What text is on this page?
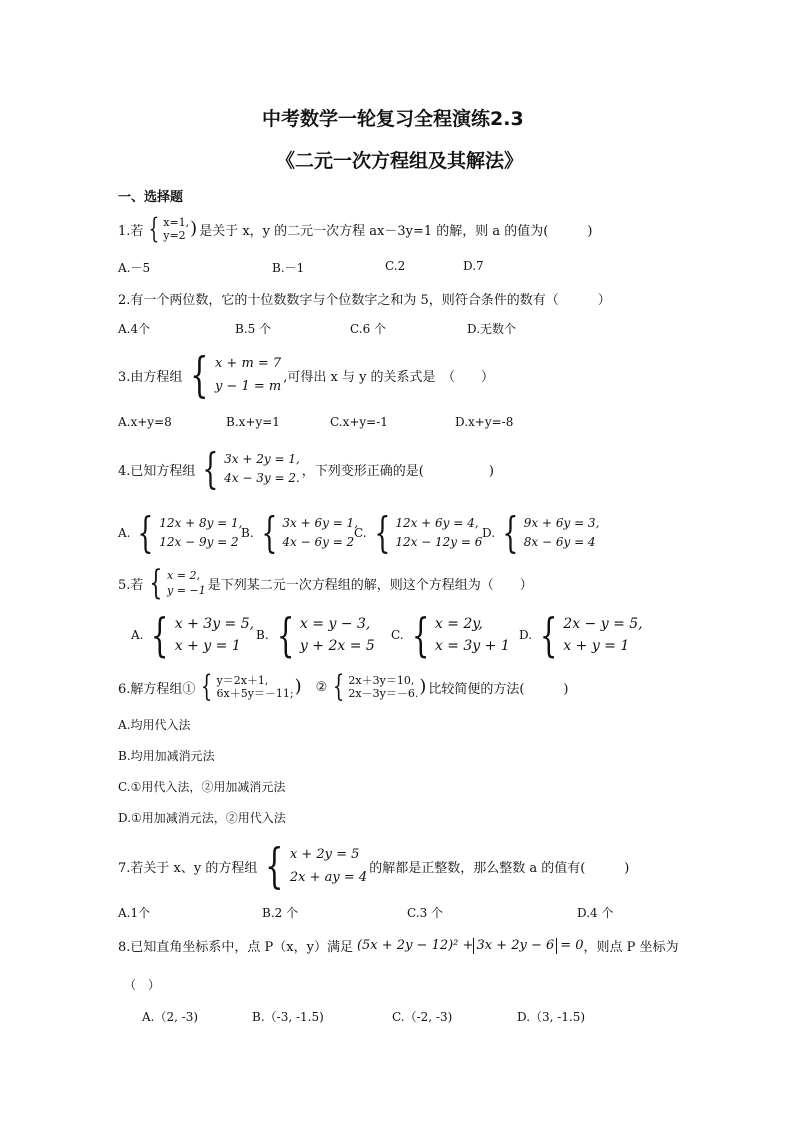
中考数学一轮复习全程演练2.3
《二元一次方程组及其解法》
一、选择题
1.若 { x=1,
y=2 ) 是关于 x，y 的二元一次方程 ax－3y=1 的解，则 a 的值为(　　　)
A.－5	B.－1	C.2	D.7
2.有一个两位数，它的十位数数字与个位数字之和为 5，则符合条件的数有（　　　）
A.4个	B.5 个	C.6 个	D.无数个
3.由方程组 { x + m = 7
y − 1 = m
,可得出 x 与 y 的关系式是　（　　）
A.x+y=8	B.x+y=1	C.x+y=-1	D.x+y=-8
4.已知方程组 { 3x + 2y = 1,
4x − 3y = 2. ，下列变形正确的是(　　　　　)
A. { 12x + 8y = 1,
12x − 9y = 2
B. { 3x + 6y = 1,
4x − 6y = 2
C. { 12x + 6y = 4,
12x − 12y = 6
D. { 9x + 6y = 3,
8x − 6y = 4
5.若 { x = 2,
y = −1 是下列某二元一次方程组的解，则这个方程组为（　　）
A. { x + 3y = 5,
x + y = 1
B. { x = y − 3,
y + 2x = 5
C. { x = 2y,
x = 3y + 1
D. { 2x − y = 5,
x + y = 1
6.解方程组① { y＝2x＋1,
6x＋5y＝－11; ) ② { 2x＋3y＝10,
2x－3y＝－6. ) 比较简便的方法(　　　)
A.均用代入法
B.均用加减消元法
C.①用代入法，②用加减消元法
D.①用加减消元法，②用代入法
7.若关于 x、y 的方程组 { x + 2y = 5
2x + ay = 4
的解都是正整数，那么整数 a 的值有(　　　)
A.1个	B.2 个	C.3 个	D.4 个
8.已知直角坐标系中，点 P（x，y）满足 (5x + 2y − 12)² + 3x + 2y − 6 = 0 ，则点 P 坐标为
（　）
A.（2, -3)	B.（-3, -1.5)	C.（-2, -3)	D.（3, -1.5)
